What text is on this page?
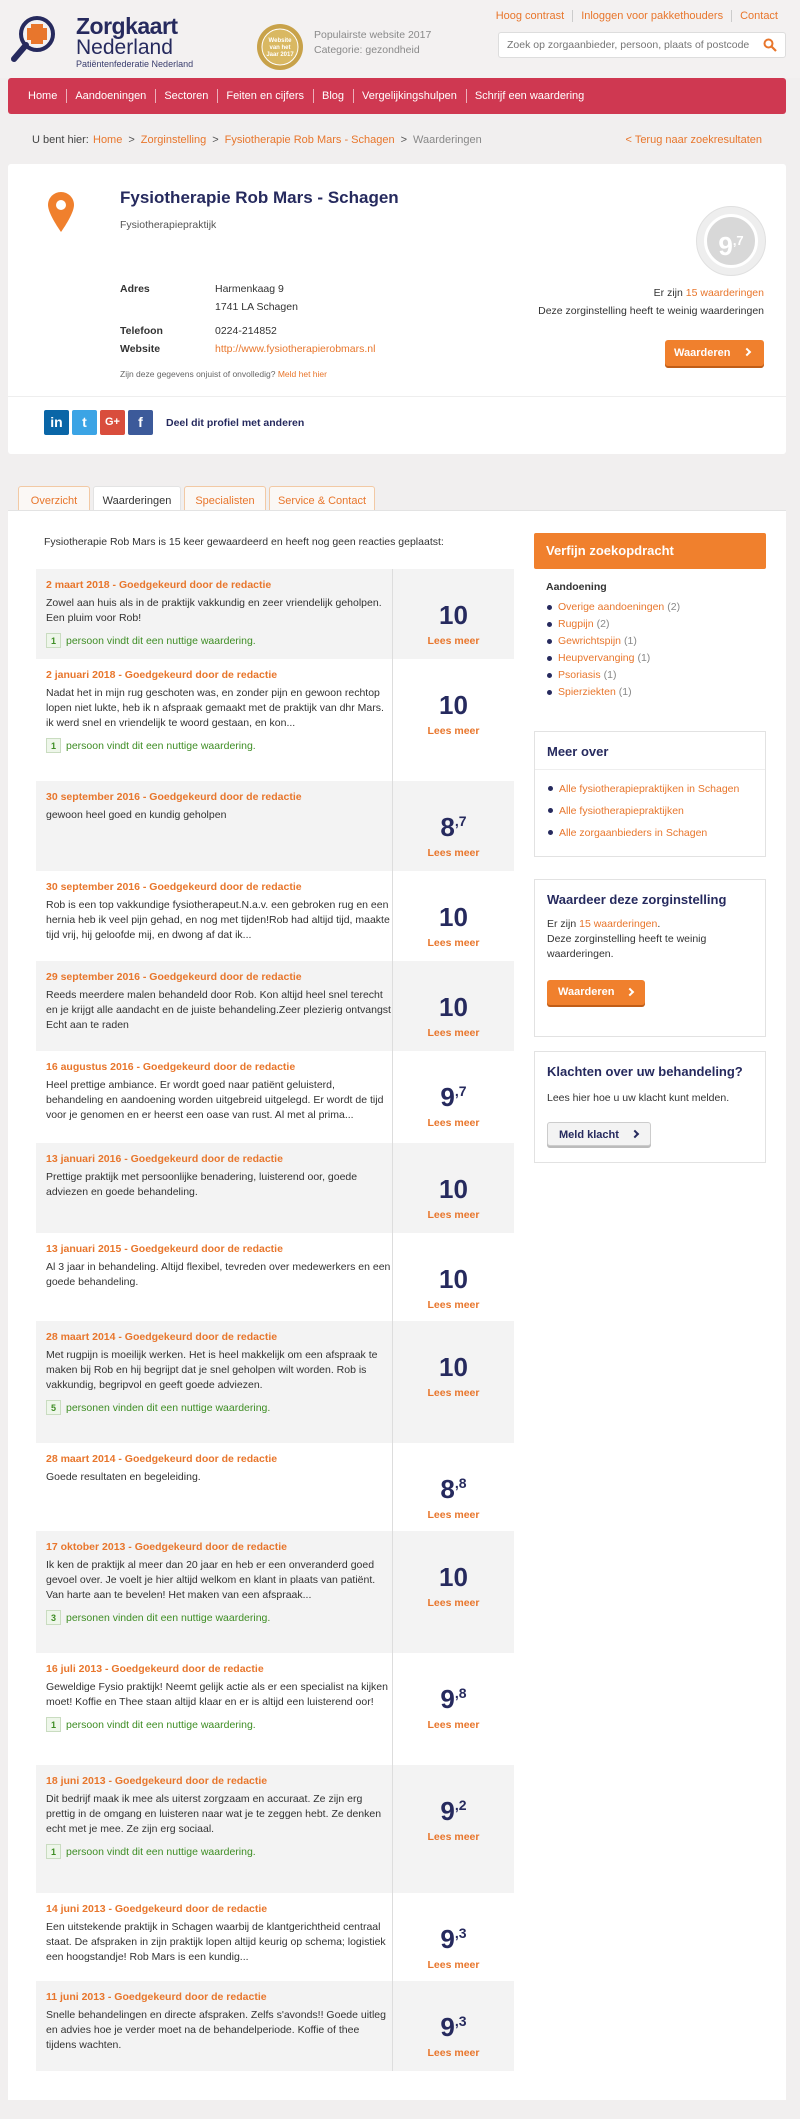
Zorgkaart
Nederland
Patiëntenfederatie Nederland
Website
van het
Jaar 2017
Populairste website 2017
Categorie: gezondheid
Hoog contrast Inloggen voor pakkethouders Contact
Zoek op zorgaanbieder, persoon, plaats of postcode
Home Aandoeningen Sectoren Feiten en cijfers Blog Vergelijkingshulpen Schrijf een waardering
U bent hier: Home > Zorginstelling > Fysiotherapie Rob Mars - Schagen > Waarderingen	< Terug naar zoekresultaten
Fysiotherapie Rob Mars - Schagen
Fysiotherapiepraktijk
Adres	Harmenkaag 9
1741 LA Schagen
Telefoon	0224-214852
Website	http://www.fysiotherapierobmars.nl
Zijn deze gegevens onjuist of onvolledig? Meld het hier
$9^{,7}$
Er zijn 15 waarderingen
Deze zorginstelling heeft te weinig waarderingen
Waarderen
in	t	G+	f	Deel dit profiel met anderen
Overzicht	Waarderingen	Specialisten	Service & Contact
Fysiotherapie Rob Mars is 15 keer gewaardeerd en heeft nog geen reacties geplaatst:
Verfijn zoekopdracht
Aandoening
Overige aandoeningen (2)
Rugpijn (2)
Gewrichtspijn (1)
Heupvervanging (1)
Psoriasis (1)
Spierziekten (1)
Meer over
Alle fysiotherapiepraktijken in Schagen
Alle fysiotherapiepraktijken
Alle zorgaanbieders in Schagen
Waardeer deze zorginstelling
Er zijn 15 waarderingen.
Deze zorginstelling heeft te weinig waarderingen.
Waarderen
Klachten over uw behandeling?
Lees hier hoe u uw klacht kunt melden.
Meld klacht
2 maart 2018 - Goedgekeurd door de redactie
Zowel aan huis als in de praktijk vakkundig en zeer vriendelijk geholpen. Een pluim voor Rob!
1 persoon vindt dit een nuttige waardering.
10
Lees meer
2 januari 2018 - Goedgekeurd door de redactie
Nadat het in mijn rug geschoten was, en zonder pijn en gewoon rechtop lopen niet lukte, heb ik n afspraak gemaakt met de praktijk van dhr Mars. ik werd snel en vriendelijk te woord gestaan, en kon...
1 persoon vindt dit een nuttige waardering.
10
Lees meer
30 september 2016 - Goedgekeurd door de redactie
gewoon heel goed en kundig geholpen	$8^{,7}$
Lees meer
30 september 2016 - Goedgekeurd door de redactie
Rob is een top vakkundige fysiotherapeut.N.a.v. een gebroken rug en een hernia heb ik veel pijn gehad, en nog met tijden!Rob had altijd tijd, maakte tijd vrij, hij geloofde mij, en dwong af dat ik...
10
Lees meer
29 september 2016 - Goedgekeurd door de redactie
Reeds meerdere malen behandeld door Rob. Kon altijd heel snel terecht en je krijgt alle aandacht en de juiste behandeling.Zeer plezierig ontvangst Echt aan te raden
10
Lees meer
16 augustus 2016 - Goedgekeurd door de redactie
Heel prettige ambiance. Er wordt goed naar patiënt geluisterd, behandeling en aandoening worden uitgebreid uitgelegd. Er wordt de tijd voor je genomen en er heerst een oase van rust. Al met al prima...
$9^{,7}$
Lees meer
13 januari 2016 - Goedgekeurd door de redactie
Prettige praktijk met persoonlijke benadering, luisterend oor, goede adviezen en goede behandeling.	10
Lees meer
13 januari 2015 - Goedgekeurd door de redactie
Al 3 jaar in behandeling. Altijd flexibel, tevreden over medewerkers en een goede behandeling.	10
Lees meer
28 maart 2014 - Goedgekeurd door de redactie
Met rugpijn is moeilijk werken. Het is heel makkelijk om een afspraak te maken bij Rob en hij begrijpt dat je snel geholpen wilt worden. Rob is vakkundig, begripvol en geeft goede adviezen.
5 personen vinden dit een nuttige waardering.
10
Lees meer
28 maart 2014 - Goedgekeurd door de redactie
Goede resultaten en begeleiding.	$8^{,8}$
Lees meer
17 oktober 2013 - Goedgekeurd door de redactie
Ik ken de praktijk al meer dan 20 jaar en heb er een onveranderd goed gevoel over. Je voelt je hier altijd welkom en klant in plaats van patiënt. Van harte aan te bevelen! Het maken van een afspraak...
3 personen vinden dit een nuttige waardering.
10
Lees meer
16 juli 2013 - Goedgekeurd door de redactie
Geweldige Fysio praktijk! Neemt gelijk actie als er een specialist na kijken moet! Koffie en Thee staan altijd klaar en er is altijd een luisterend oor!
1 persoon vindt dit een nuttige waardering.
$9^{,8}$
Lees meer
18 juni 2013 - Goedgekeurd door de redactie
Dit bedrijf maak ik mee als uiterst zorgzaam en accuraat. Ze zijn erg prettig in de omgang en luisteren naar wat je te zeggen hebt. Ze denken echt met je mee. Ze zijn erg sociaal.
1 persoon vindt dit een nuttige waardering.
$9^{,2}$
Lees meer
14 juni 2013 - Goedgekeurd door de redactie
Een uitstekende praktijk in Schagen waarbij de klantgerichtheid centraal staat. De afspraken in zijn praktijk lopen altijd keurig op schema; logistiek een hoogstandje! Rob Mars is een kundig...
$9^{,3}$
Lees meer
11 juni 2013 - Goedgekeurd door de redactie
Snelle behandelingen en directe afspraken. Zelfs s'avonds!! Goede uitleg en advies hoe je verder moet na de behandelperiode. Koffie of thee tijdens wachten.
$9^{,3}$
Lees meer
